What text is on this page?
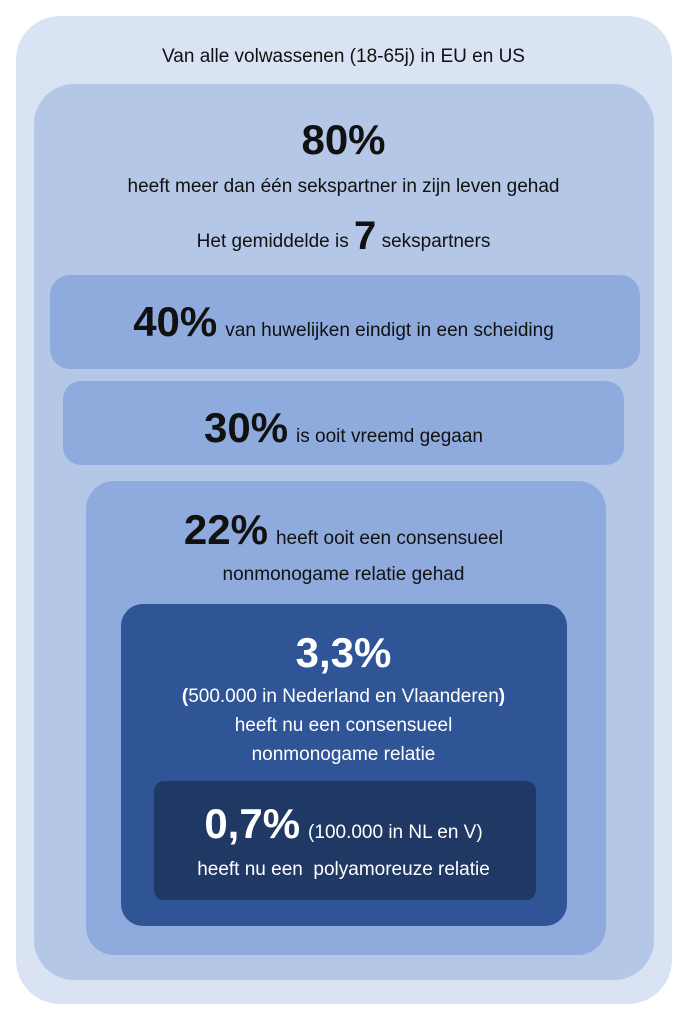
Van alle volwassenen (18-65j) in EU en US
80%
heeft meer dan één sekspartner in zijn leven gehad
Het gemiddelde is 7 sekspartners
40% van huwelijken eindigt in een scheiding
30% is ooit vreemd gegaan
22% heeft ooit een consensueel
nonmonogame relatie gehad
3,3%
(500.000 in Nederland en Vlaanderen)
heeft nu een consensueel
nonmonogame relatie
0,7% (100.000 in NL en V)
heeft nu een  polyamoreuze relatie
